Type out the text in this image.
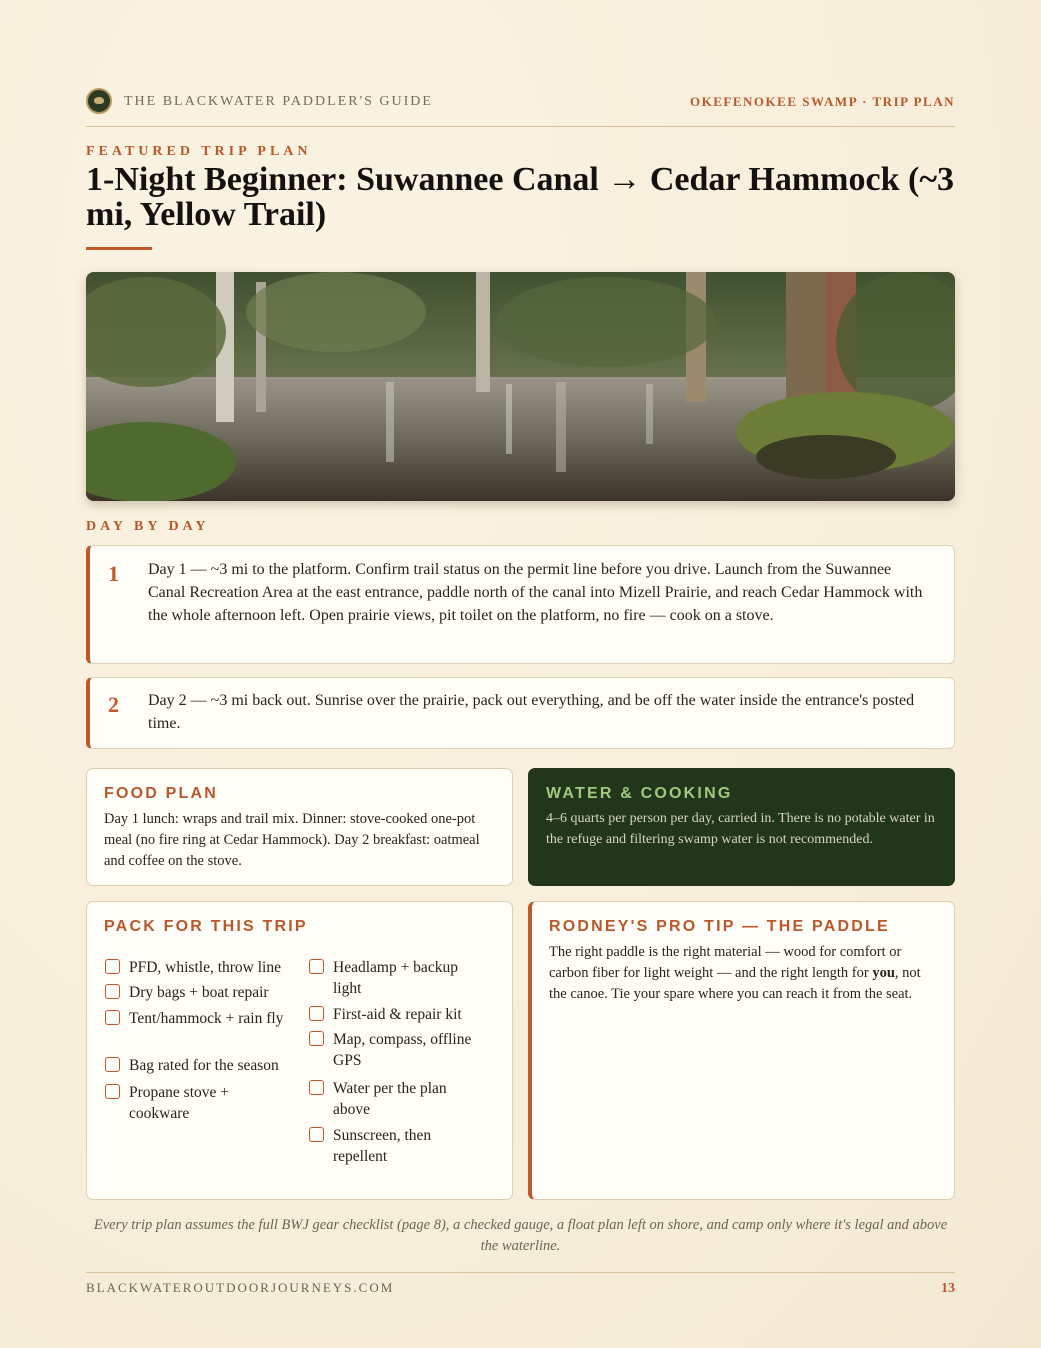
THE BLACKWATER PADDLER'S GUIDE	OKEFENOKEE SWAMP · TRIP PLAN
FEATURED TRIP PLAN
1-Night Beginner: Suwannee Canal → Cedar Hammock (~3 mi, Yellow Trail)
DAY BY DAY
1 Day 1 — ~3 mi to the platform. Confirm trail status on the permit line before you drive. Launch from the Suwannee Canal Recreation Area at the east entrance, paddle north of the canal into Mizell Prairie, and reach Cedar Hammock with the whole afternoon left. Open prairie views, pit toilet on the platform, no fire — cook on a stove.
2 Day 2 — ~3 mi back out. Sunrise over the prairie, pack out everything, and be off the water inside the entrance's posted time.
FOOD PLAN
Day 1 lunch: wraps and trail mix. Dinner: stove-cooked one-pot meal (no fire ring at Cedar Hammock). Day 2 breakfast: oatmeal and coffee on the stove.
WATER & COOKING
4–6 quarts per person per day, carried in. There is no potable water in the refuge and filtering swamp water is not recommended.
PACK FOR THIS TRIP
PFD, whistle, throw line
Dry bags + boat repair
Tent/hammock + rain fly
Bag rated for the season
Propane stove + cookware
Headlamp + backup light
First-aid & repair kit
Map, compass, offline GPS
Water per the plan above
Sunscreen, then repellent
RODNEY'S PRO TIP — THE PADDLE
The right paddle is the right material — wood for comfort or carbon fiber for light weight — and the right length for you, not the canoe. Tie your spare where you can reach it from the seat.
Every trip plan assumes the full BWJ gear checklist (page 8), a checked gauge, a float plan left on shore, and camp only where it's legal and above the waterline.
BLACKWATEROUTDOORJOURNEYS.COM	13
